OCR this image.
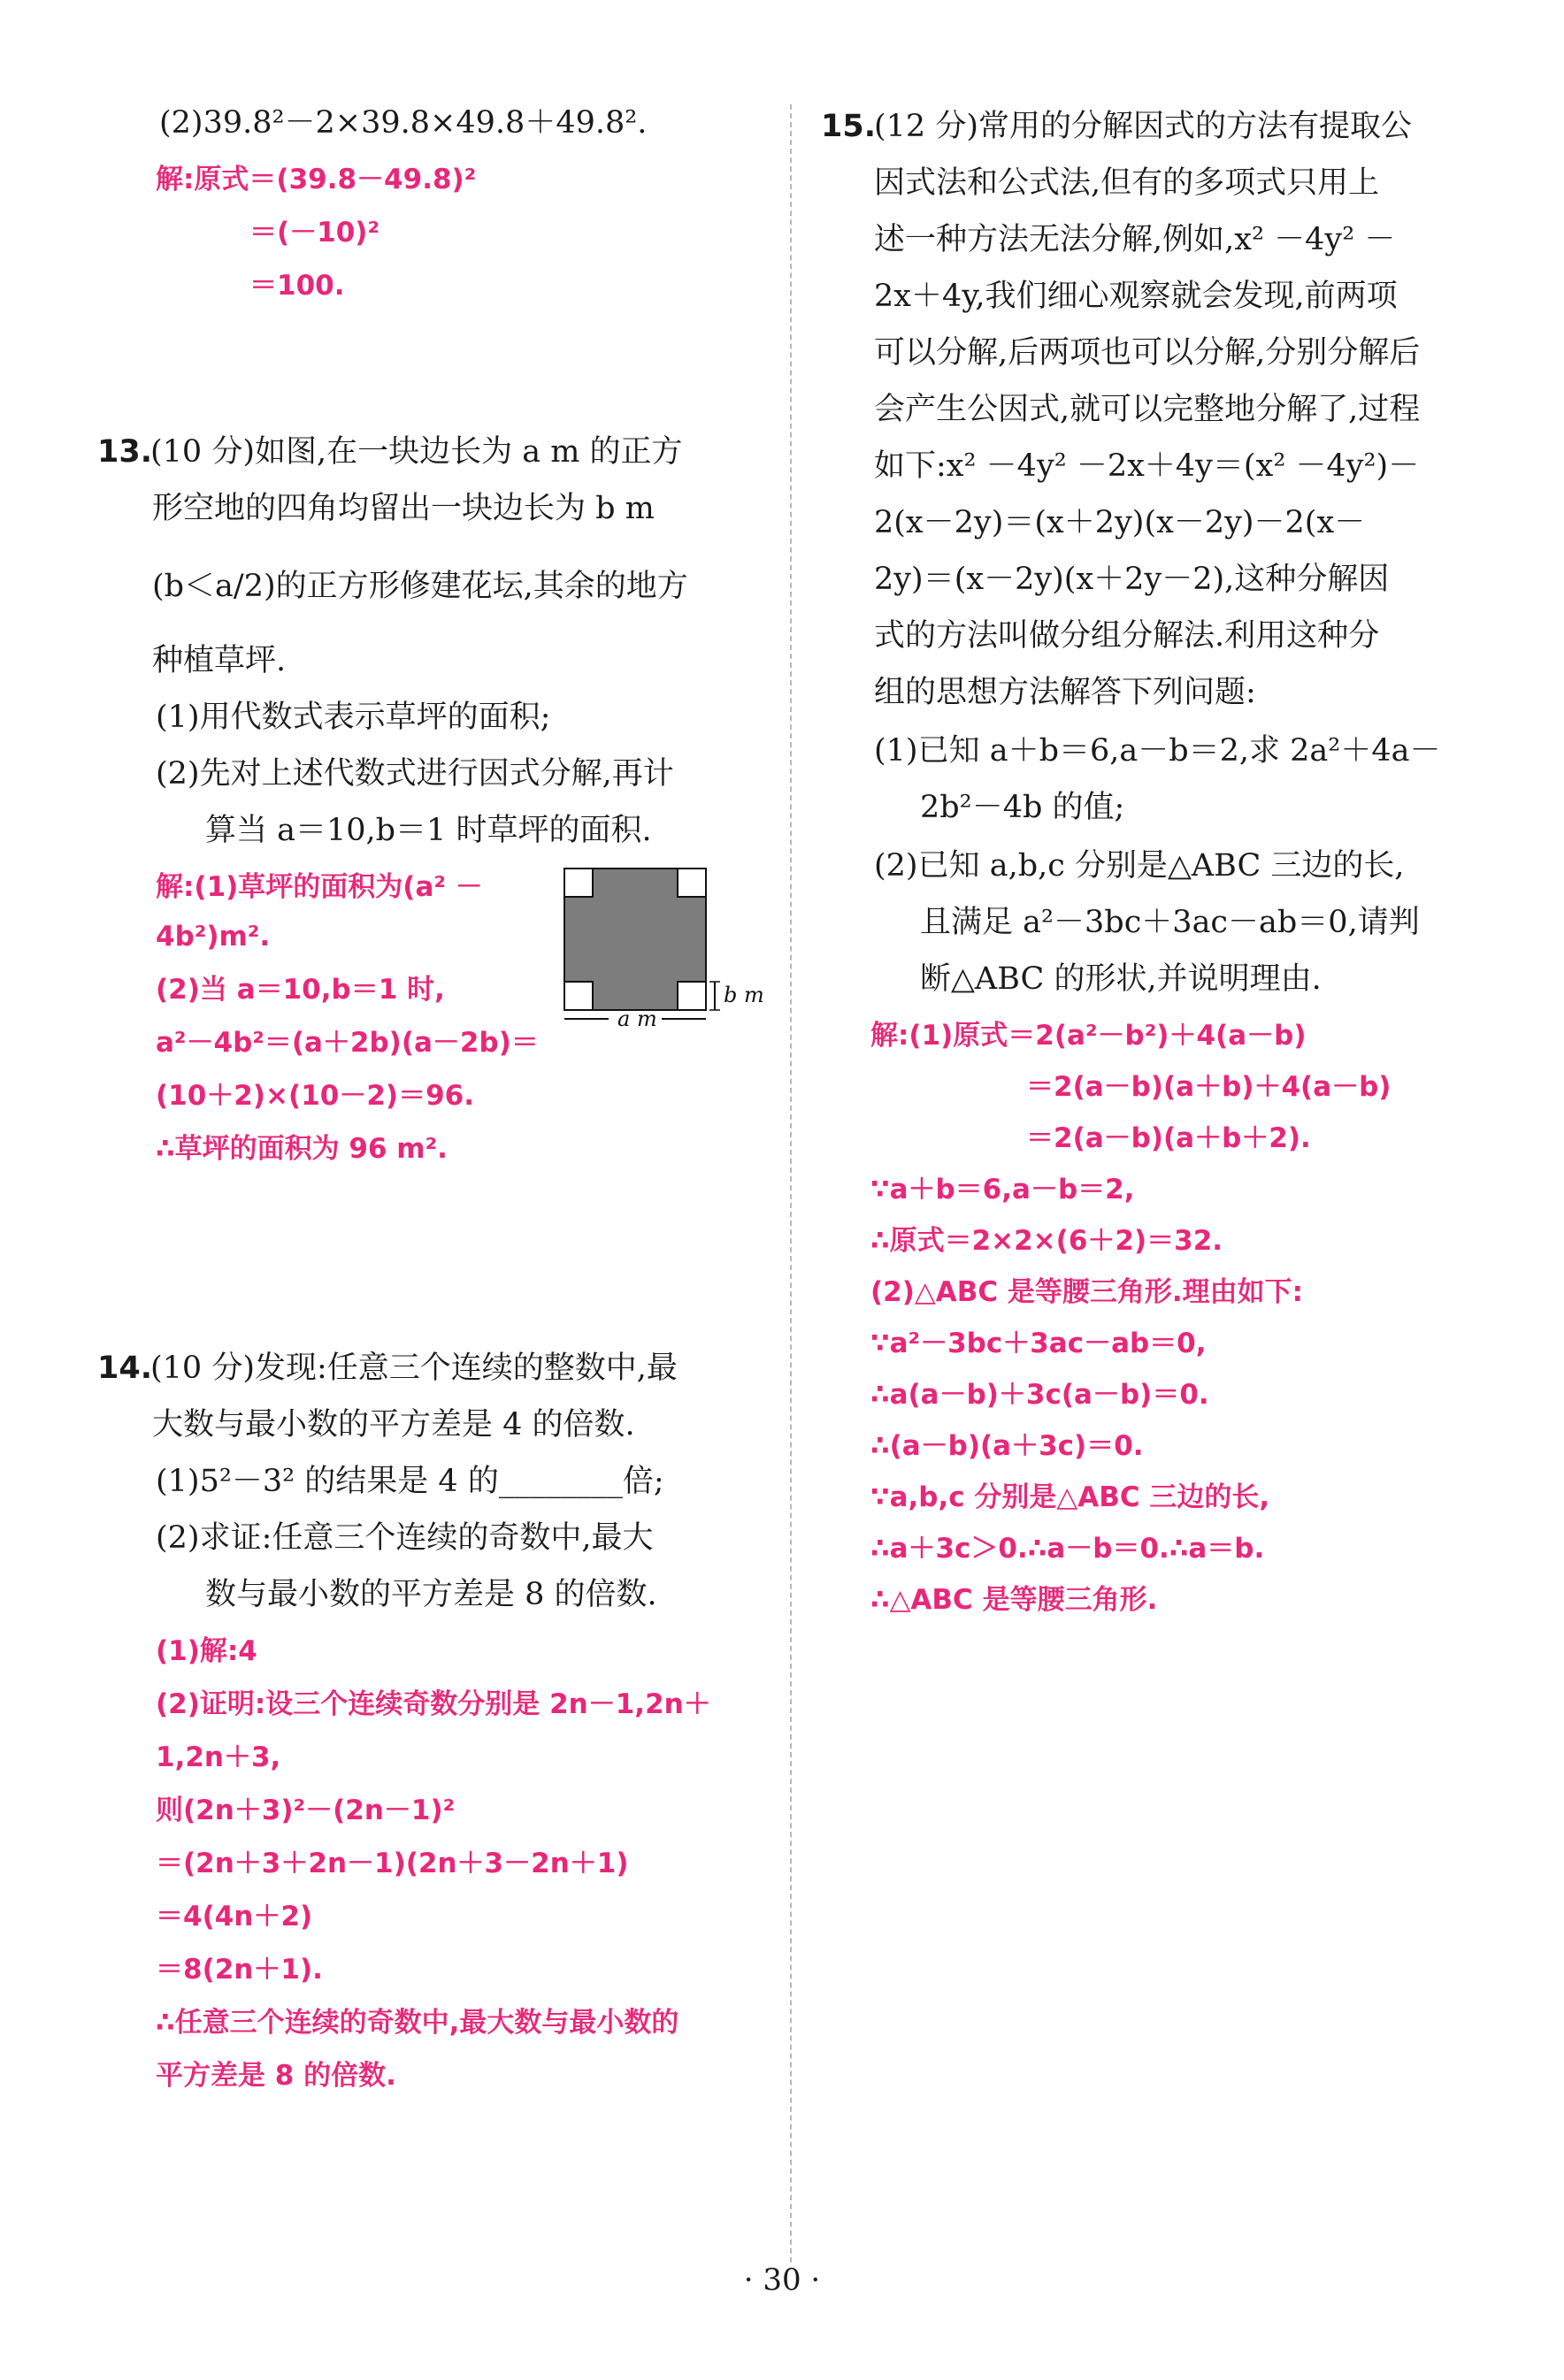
(2)39.8²－2×39.8×49.8＋49.8².
解:原式＝(39.8－49.8)²
＝(－10)²
＝100.
13.
(10 分)如图,在一块边长为 a m 的正方
形空地的四角均留出一块边长为 b m
(b＜a/2)的正方形修建花坛,其余的地方
种植草坪.
(1)用代数式表示草坪的面积;
(2)先对上述代数式进行因式分解,再计
算当 a＝10,b＝1 时草坪的面积.
解:(1)草坪的面积为(a² －
4b²)m².
(2)当 a＝10,b＝1 时,
a²－4b²＝(a＋2b)(a－2b)＝
(10＋2)×(10－2)＝96.
∴草坪的面积为 96 m².
b m
a m
14.
(10 分)发现:任意三个连续的整数中,最
大数与最小数的平方差是 4 的倍数.
(1)5²－3² 的结果是 4 的________倍;
(2)求证:任意三个连续的奇数中,最大
数与最小数的平方差是 8 的倍数.
(1)解:4
(2)证明:设三个连续奇数分别是 2n－1,2n＋
1,2n＋3,
则(2n＋3)²－(2n－1)²
＝(2n＋3＋2n－1)(2n＋3－2n＋1)
＝4(4n＋2)
＝8(2n＋1).
∴任意三个连续的奇数中,最大数与最小数的
平方差是 8 的倍数.
15.
(12 分)常用的分解因式的方法有提取公
因式法和公式法,但有的多项式只用上
述一种方法无法分解,例如,x² －4y² －
2x＋4y,我们细心观察就会发现,前两项
可以分解,后两项也可以分解,分别分解后
会产生公因式,就可以完整地分解了,过程
如下:x² －4y² －2x＋4y＝(x² －4y²)－
2(x－2y)＝(x＋2y)(x－2y)－2(x－
2y)＝(x－2y)(x＋2y－2),这种分解因
式的方法叫做分组分解法.利用这种分
组的思想方法解答下列问题:
(1)已知 a＋b＝6,a－b＝2,求 2a²＋4a－
2b²－4b 的值;
(2)已知 a,b,c 分别是△ABC 三边的长,
且满足 a²－3bc＋3ac－ab＝0,请判
断△ABC 的形状,并说明理由.
解:(1)原式＝2(a²－b²)＋4(a－b)
＝2(a－b)(a＋b)＋4(a－b)
＝2(a－b)(a＋b＋2).
∵a＋b＝6,a－b＝2,
∴原式＝2×2×(6＋2)＝32.
(2)△ABC 是等腰三角形.理由如下:
∵a²－3bc＋3ac－ab＝0,
∴a(a－b)＋3c(a－b)＝0.
∴(a－b)(a＋3c)＝0.
∵a,b,c 分别是△ABC 三边的长,
∴a＋3c＞0.∴a－b＝0.∴a＝b.
∴△ABC 是等腰三角形.
· 30 ·
